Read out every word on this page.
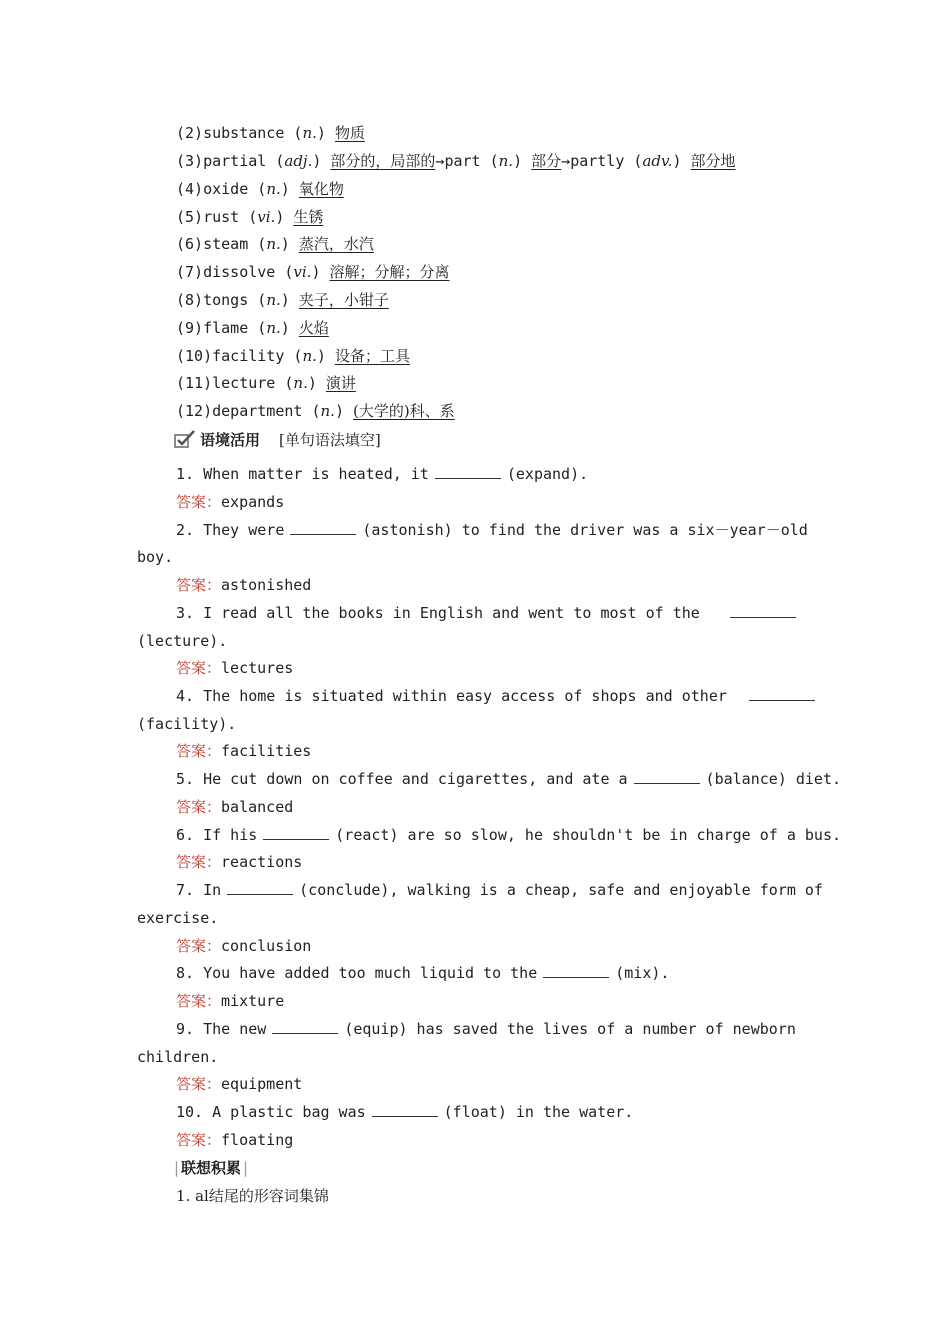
(2)substance (n.) 物质
(3)partial (adj.) 部分的，局部的→part (n.) 部分→partly (adv.) 部分地
(4)oxide (n.) 氧化物
(5)rust (vi.) 生锈
(6)steam (n.) 蒸汽，水汽
(7)dissolve (vi.) 溶解；分解；分离
(8)tongs (n.) 夹子，小钳子
(9)flame (n.) 火焰
(10)facility (n.) 设备；工具
(11)lecture (n.) 演讲
(12)department (n.) (大学的)科、系
语境活用 [单句语法填空]
1. When matter is heated, it	(expand).
答案：expands
2. They were	(astonish) to find the driver was a six－year－old
boy.
答案：astonished
3. I read all the books in English and went to most of the
(lecture).
答案：lectures
4. The home is situated within easy access of shops and other
(facility).
答案：facilities
5. He cut down on coffee and cigarettes, and ate a	(balance) diet.
答案：balanced
6. If his	(react) are so slow, he shouldn't be in charge of a bus.
答案：reactions
7. In	(conclude), walking is a cheap, safe and enjoyable form of
exercise.
答案：conclusion
8. You have added too much liquid to the	(mix).
答案：mixture
9. The new	(equip) has saved the lives of a number of newborn
children.
答案：equipment
10. A plastic bag was	(float) in the water.
答案：floating
|联想积累|
1. al结尾的形容词集锦
